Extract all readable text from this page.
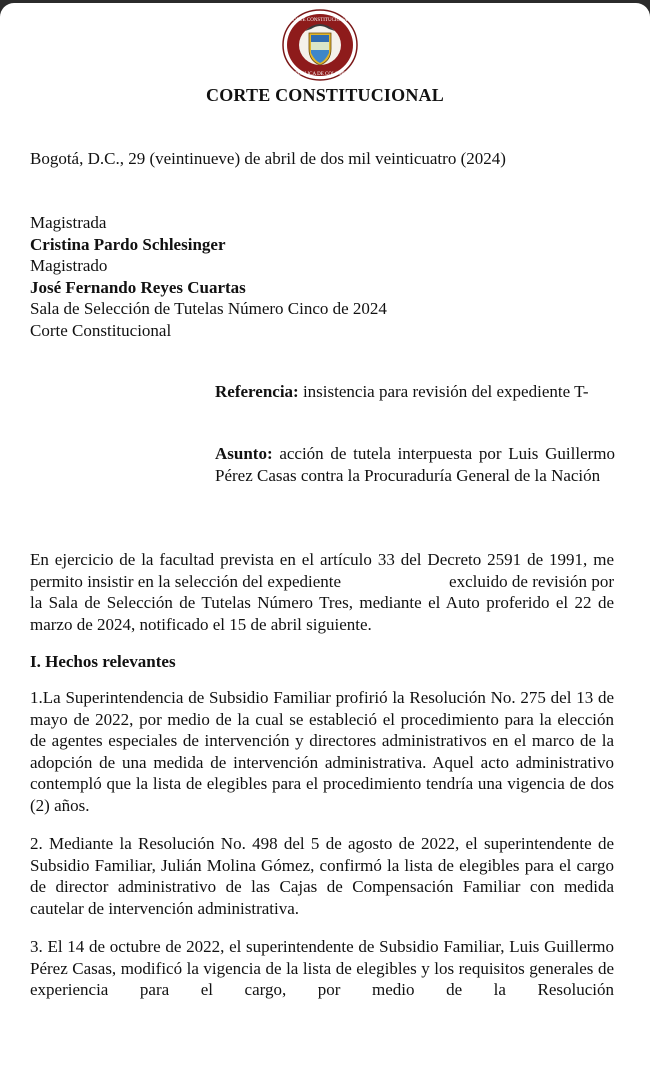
CORTE CONSTITUCIONAL
REPUBLICA DE COLOMBIA
CORTE CONSTITUCIONAL
Bogotá, D.C., 29 (veintinueve) de abril de dos mil veinticuatro (2024)
Magistrada
Cristina Pardo Schlesinger
Magistrado
José Fernando Reyes Cuartas
Sala de Selección de Tutelas Número Cinco de 2024
Corte Constitucional
Referencia: insistencia para revisión del expediente T-
Asunto: acción de tutela interpuesta por Luis Guillermo Pérez Casas contra la Procuraduría General de la Nación
En ejercicio de la facultad prevista en el artículo 33 del Decreto 2591 de 1991, me permito insistir en la selección del expediente	excluido de revisión por la Sala de Selección de Tutelas Número Tres, mediante el Auto proferido el 22 de marzo de 2024, notificado el 15 de abril siguiente.
I. Hechos relevantes
1.La Superintendencia de Subsidio Familiar profirió la Resolución No. 275 del 13 de mayo de 2022, por medio de la cual se estableció el procedimiento para la elección de agentes especiales de intervención y directores administrativos en el marco de la adopción de una medida de intervención administrativa. Aquel acto administrativo contempló que la lista de elegibles para el procedimiento tendría una vigencia de dos (2) años.
2. Mediante la Resolución No. 498 del 5 de agosto de 2022, el superintendente de Subsidio Familiar, Julián Molina Gómez, confirmó la lista de elegibles para el cargo de director administrativo de las Cajas de Compensación Familiar con medida cautelar de intervención administrativa.
3. El 14 de octubre de 2022, el superintendente de Subsidio Familiar, Luis Guillermo Pérez Casas, modificó la vigencia de la lista de elegibles y los requisitos generales de experiencia para el cargo, por medio de la Resolución
